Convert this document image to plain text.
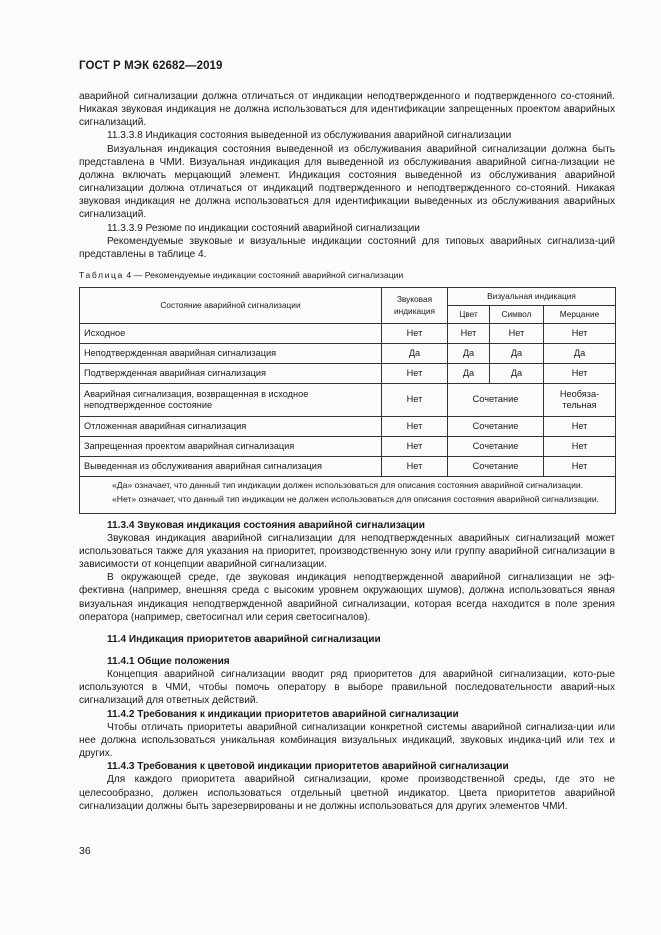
ГОСТ Р МЭК 62682—2019

аварийной сигнализации должна отличаться от индикации неподтвержденного и подтвержденного со-стояний. Никакая звуковая индикация не должна использоваться для идентификации запрещенных проектом аварийных сигнализаций.

11.3.3.8 Индикация состояния выведенной из обслуживания аварийной сигнализации

Визуальная индикация состояния выведенной из обслуживания аварийной сигнализации должна быть представлена в ЧМИ. Визуальная индикация для выведенной из обслуживания аварийной сигна-лизации не должна включать мерцающий элемент. Индикация состояния выведенной из обслуживания аварийной сигнализации должна отличаться от индикаций подтвержденного и неподтвержденного со-стояний. Никакая звуковая индикация не должна использоваться для идентификации выведенных из обслуживания аварийных сигнализаций.

11.3.3.9 Резюме по индикации состояний аварийной сигнализации

Рекомендуемые звуковые и визуальные индикации состояний для типовых аварийных сигнализа-ций представлены в таблице 4.

Таблица 4 — Рекомендуемые индикации состояний аварийной сигнализации

Состояние аварийной сигнализации	Звуковая индикация	Визуальная индикация		
		Цвет	Символ	Мерцание
Исходное	Нет	Нет	Нет	Нет
Неподтвержденная аварийная сигнализация	Да	Да	Да	Да
Подтвержденная аварийная сигнализация	Нет	Да	Да	Нет
Аварийная сигнализация, возвращенная в исходное неподтвержденное состояние	Нет	Сочетание		Необяза-тельная
Отложенная аварийная сигнализация	Нет	Сочетание		Нет
Запрещенная проектом аварийная сигнализация	Нет	Сочетание		Нет
Выведенная из обслуживания аварийная сигнализация	Нет	Сочетание		Нет

«Да» означает, что данный тип индикации должен использоваться для описания состояния аварийной сигнализации.

«Нет» означает, что данный тип индикации не должен использоваться для описания состояния аварийной сигнализации.				

11.3.4 Звуковая индикация состояния аварийной сигнализации

Звуковая индикация аварийной сигнализации для неподтвержденных аварийных сигнализаций может использоваться также для указания на приоритет, производственную зону или группу аварийной сигнализации в зависимости от концепции аварийной сигнализации.

В окружающей среде, где звуковая индикация неподтвержденной аварийной сигнализации не эф-фективна (например, внешняя среда с высоким уровнем окружающих шумов), должна использоваться явная визуальная индикация неподтвержденной аварийной сигнализации, которая всегда находится в поле зрения оператора (например, светосигнал или серия светосигналов).

11.4 Индикация приоритетов аварийной сигнализации

11.4.1 Общие положения

Концепция аварийной сигнализации вводит ряд приоритетов для аварийной сигнализации, кото-рые используются в ЧМИ, чтобы помочь оператору в выборе правильной последовательности аварий-ных сигнализаций для ответных действий.

11.4.2 Требования к индикации приоритетов аварийной сигнализации

Чтобы отличать приоритеты аварийной сигнализации конкретной системы аварийной сигнализа-ции или нее должна использоваться уникальная комбинация визуальных индикаций, звуковых индика-ций или тех и других.

11.4.3 Требования к цветовой индикации приоритетов аварийной сигнализации

Для каждого приоритета аварийной сигнализации, кроме производственной среды, где это не целесообразно, должен использоваться отдельный цветной индикатор. Цвета приоритетов аварийной сигнализации должны быть зарезервированы и не должны использоваться для других элементов ЧМИ.

36
